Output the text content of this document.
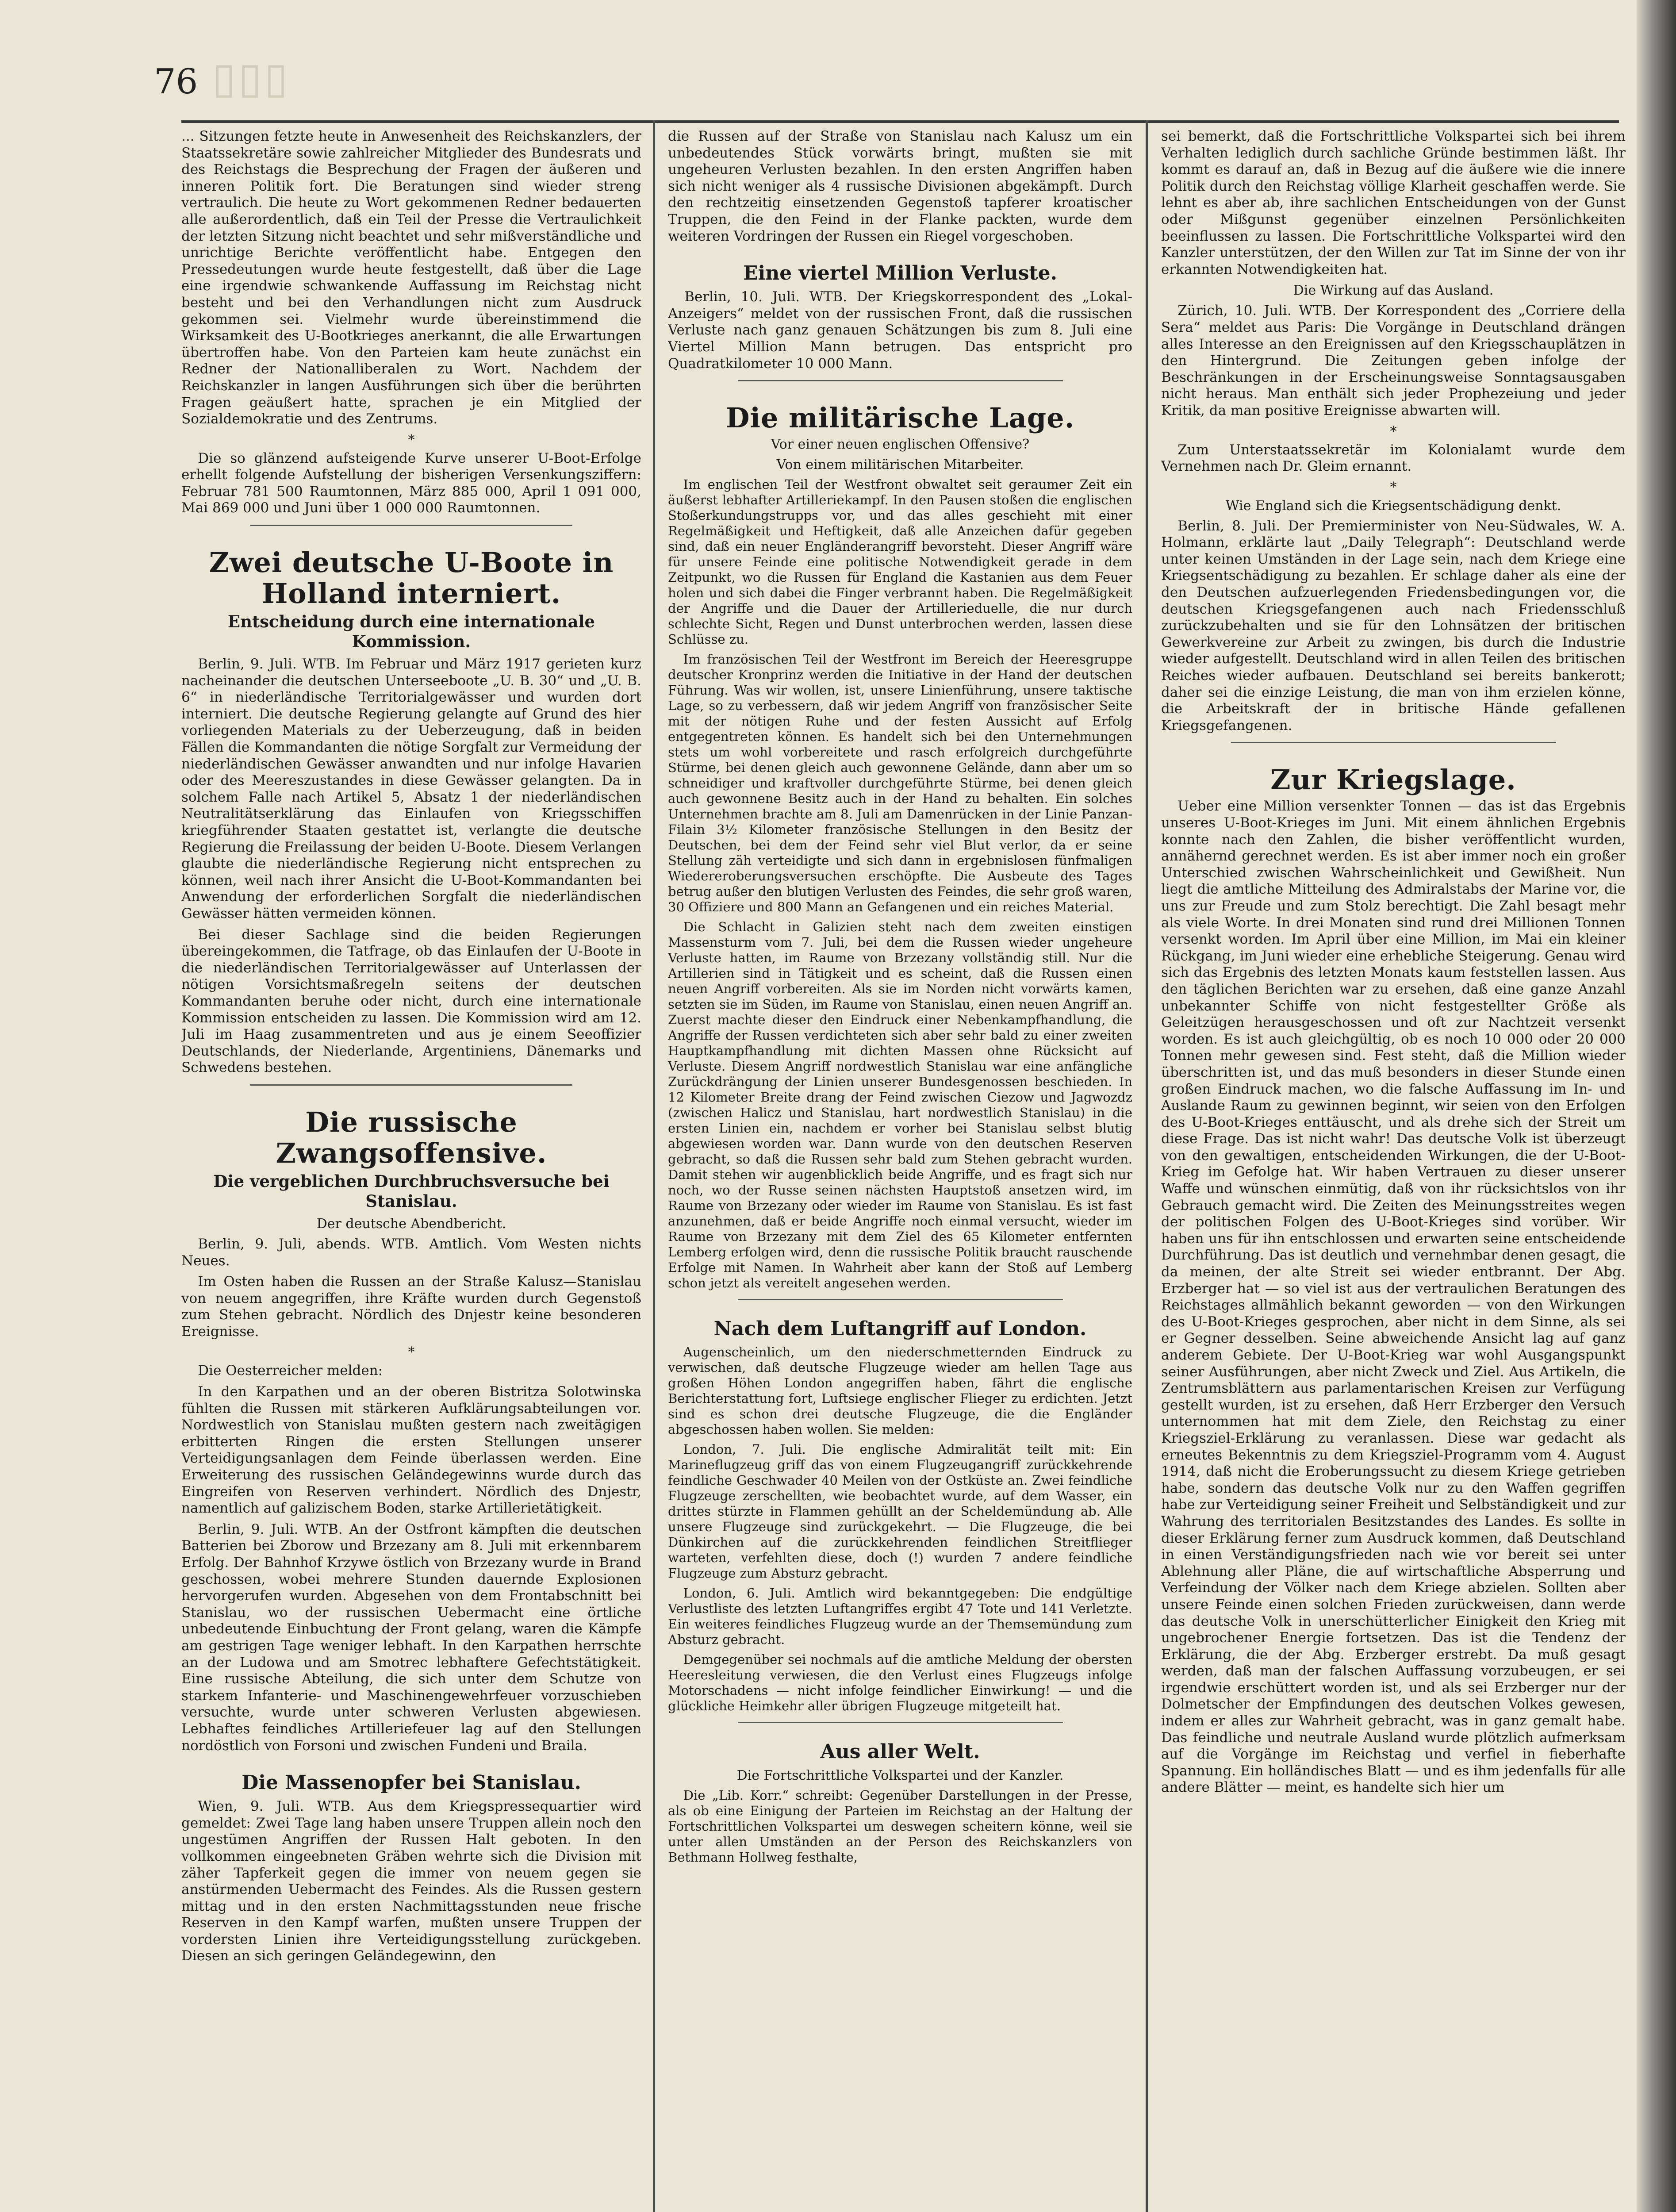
▯▯▯
76

... Sitzungen fetzte heute in Anwesenheit des Reichskanzlers, der Staatssekretäre sowie zahlreicher Mitglieder des Bundesrats und des Reichstags die Besprechung der Fragen der äußeren und inneren Politik fort. Die Beratungen sind wieder streng vertraulich. Die heute zu Wort gekommenen Redner bedauerten alle außerordentlich, daß ein Teil der Presse die Vertraulichkeit der letzten Sitzung nicht beachtet und sehr mißverständliche und unrichtige Berichte veröffentlicht habe. Entgegen den Pressedeutungen wurde heute festgestellt, daß über die Lage eine irgendwie schwankende Auffassung im Reichstag nicht besteht und bei den Verhandlungen nicht zum Ausdruck gekommen sei. Vielmehr wurde übereinstimmend die Wirksamkeit des U-Bootkrieges anerkannt, die alle Erwartungen übertroffen habe. Von den Parteien kam heute zunächst ein Redner der Nationalliberalen zu Wort. Nachdem der Reichskanzler in langen Ausführungen sich über die berührten Fragen geäußert hatte, sprachen je ein Mitglied der Sozialdemokratie und des Zentrums.

*

Die so glänzend aufsteigende Kurve unserer U-Boot-Erfolge erhellt folgende Aufstellung der bisherigen Versenkungsziffern: Februar 781 500 Raumtonnen, März 885 000, April 1 091 000, Mai 869 000 und Juni über 1 000 000 Raumtonnen.

Zwei deutsche U-Boote in Holland interniert.
Entscheidung durch eine internationale Kommission.

Berlin, 9. Juli. WTB. Im Februar und März 1917 gerieten kurz nacheinander die deutschen Unterseeboote „U. B. 30“ und „U. B. 6“ in niederländische Territorialgewässer und wurden dort interniert. Die deutsche Regierung gelangte auf Grund des hier vorliegenden Materials zu der Ueberzeugung, daß in beiden Fällen die Kommandanten die nötige Sorgfalt zur Vermeidung der niederländischen Gewässer anwandten und nur infolge Havarien oder des Meereszustandes in diese Gewässer gelangten. Da in solchem Falle nach Artikel 5, Absatz 1 der niederländischen Neutralitätserklärung das Einlaufen von Kriegsschiffen kriegführender Staaten gestattet ist, verlangte die deutsche Regierung die Freilassung der beiden U-Boote. Diesem Verlangen glaubte die niederländische Regierung nicht entsprechen zu können, weil nach ihrer Ansicht die U-Boot-Kommandanten bei Anwendung der erforderlichen Sorgfalt die niederländischen Gewässer hätten vermeiden können.

Bei dieser Sachlage sind die beiden Regierungen übereingekommen, die Tatfrage, ob das Einlaufen der U-Boote in die niederländischen Territorialgewässer auf Unterlassen der nötigen Vorsichtsmaßregeln seitens der deutschen Kommandanten beruhe oder nicht, durch eine internationale Kommission entscheiden zu lassen. Die Kommission wird am 12. Juli im Haag zusammentreten und aus je einem Seeoffizier Deutschlands, der Niederlande, Argentiniens, Dänemarks und Schwedens bestehen.

Die russische Zwangsoffensive.
Die vergeblichen Durchbruchsversuche bei Stanislau.
Der deutsche Abendbericht.

Berlin, 9. Juli, abends. WTB. Amtlich. Vom Westen nichts Neues.

Im Osten haben die Russen an der Straße Kalusz—Stanislau von neuem angegriffen, ihre Kräfte wurden durch Gegenstoß zum Stehen gebracht. Nördlich des Dnjestr keine besonderen Ereignisse.

*

Die Oesterreicher melden:

In den Karpathen und an der oberen Bistritza Solotwinska fühlten die Russen mit stärkeren Aufklärungsabteilungen vor. Nordwestlich von Stanislau mußten gestern nach zweitägigen erbitterten Ringen die ersten Stellungen unserer Verteidigungsanlagen dem Feinde überlassen werden. Eine Erweiterung des russischen Geländegewinns wurde durch das Eingreifen von Reserven verhindert. Nördlich des Dnjestr, namentlich auf galizischem Boden, starke Artillerietätigkeit.

Berlin, 9. Juli. WTB. An der Ostfront kämpften die deutschen Batterien bei Zborow und Brzezany am 8. Juli mit erkennbarem Erfolg. Der Bahnhof Krzywe östlich von Brzezany wurde in Brand geschossen, wobei mehrere Stunden dauernde Explosionen hervorgerufen wurden. Abgesehen von dem Frontabschnitt bei Stanislau, wo der russischen Uebermacht eine örtliche unbedeutende Einbuchtung der Front gelang, waren die Kämpfe am gestrigen Tage weniger lebhaft. In den Karpathen herrschte an der Ludowa und am Smotrec lebhaftere Gefechtstätigkeit. Eine russische Abteilung, die sich unter dem Schutze von starkem Infanterie- und Maschinengewehrfeuer vorzuschieben versuchte, wurde unter schweren Verlusten abgewiesen. Lebhaftes feindliches Artilleriefeuer lag auf den Stellungen nordöstlich von Forsoni und zwischen Fundeni und Braila.

Die Massenopfer bei Stanislau.

Wien, 9. Juli. WTB. Aus dem Kriegspressequartier wird gemeldet: Zwei Tage lang haben unsere Truppen allein noch den ungestümen Angriffen der Russen Halt geboten. In den vollkommen eingeebneten Gräben wehrte sich die Division mit zäher Tapferkeit gegen die immer von neuem gegen sie anstürmenden Uebermacht des Feindes. Als die Russen gestern mittag und in den ersten Nachmittagsstunden neue frische Reserven in den Kampf warfen, mußten unsere Truppen der vordersten Linien ihre Verteidigungsstellung zurückgeben. Diesen an sich geringen Geländegewinn, den

die Russen auf der Straße von Stanislau nach Kalusz um ein unbedeutendes Stück vorwärts bringt, mußten sie mit ungeheuren Verlusten bezahlen. In den ersten Angriffen haben sich nicht weniger als 4 russische Divisionen abgekämpft. Durch den rechtzeitig einsetzenden Gegenstoß tapferer kroatischer Truppen, die den Feind in der Flanke packten, wurde dem weiteren Vordringen der Russen ein Riegel vorgeschoben.

Eine viertel Million Verluste.

Berlin, 10. Juli. WTB. Der Kriegskorrespondent des „Lokal-Anzeigers“ meldet von der russischen Front, daß die russischen Verluste nach ganz genauen Schätzungen bis zum 8. Juli eine Viertel Million Mann betrugen. Das entspricht pro Quadratkilometer 10 000 Mann.

Die militärische Lage.
Vor einer neuen englischen Offensive?
Von einem militärischen Mitarbeiter.

Im englischen Teil der Westfront obwaltet seit geraumer Zeit ein äußerst lebhafter Artilleriekampf. In den Pausen stoßen die englischen Stoßerkundungstrupps vor, und das alles geschieht mit einer Regelmäßigkeit und Heftigkeit, daß alle Anzeichen dafür gegeben sind, daß ein neuer Engländerangriff bevorsteht. Dieser Angriff wäre für unsere Feinde eine politische Notwendigkeit gerade in dem Zeitpunkt, wo die Russen für England die Kastanien aus dem Feuer holen und sich dabei die Finger verbrannt haben. Die Regelmäßigkeit der Angriffe und die Dauer der Artillerieduelle, die nur durch schlechte Sicht, Regen und Dunst unterbrochen werden, lassen diese Schlüsse zu.

Im französischen Teil der Westfront im Bereich der Heeresgruppe deutscher Kronprinz werden die Initiative in der Hand der deutschen Führung. Was wir wollen, ist, unsere Linienführung, unsere taktische Lage, so zu verbessern, daß wir jedem Angriff von französischer Seite mit der nötigen Ruhe und der festen Aussicht auf Erfolg entgegentreten können. Es handelt sich bei den Unternehmungen stets um wohl vorbereitete und rasch erfolgreich durchgeführte Stürme, bei denen gleich auch gewonnene Gelände, dann aber um so schneidiger und kraftvoller durchgeführte Stürme, bei denen gleich auch gewonnene Besitz auch in der Hand zu behalten. Ein solches Unternehmen brachte am 8. Juli am Damenrücken in der Linie Panzan-Filain 3½ Kilometer französische Stellungen in den Besitz der Deutschen, bei dem der Feind sehr viel Blut verlor, da er seine Stellung zäh verteidigte und sich dann in ergebnislosen fünfmaligen Wiedereroberungsversuchen erschöpfte. Die Ausbeute des Tages betrug außer den blutigen Verlusten des Feindes, die sehr groß waren, 30 Offiziere und 800 Mann an Gefangenen und ein reiches Material.

Die Schlacht in Galizien steht nach dem zweiten einstigen Massensturm vom 7. Juli, bei dem die Russen wieder ungeheure Verluste hatten, im Raume von Brzezany vollständig still. Nur die Artillerien sind in Tätigkeit und es scheint, daß die Russen einen neuen Angriff vorbereiten. Als sie im Norden nicht vorwärts kamen, setzten sie im Süden, im Raume von Stanislau, einen neuen Angriff an. Zuerst machte dieser den Eindruck einer Nebenkampfhandlung, die Angriffe der Russen verdichteten sich aber sehr bald zu einer zweiten Hauptkampfhandlung mit dichten Massen ohne Rücksicht auf Verluste. Diesem Angriff nordwestlich Stanislau war eine anfängliche Zurückdrängung der Linien unserer Bundesgenossen beschieden. In 12 Kilometer Breite drang der Feind zwischen Ciezow und Jagwozdz (zwischen Halicz und Stanislau, hart nordwestlich Stanislau) in die ersten Linien ein, nachdem er vorher bei Stanislau selbst blutig abgewiesen worden war. Dann wurde von den deutschen Reserven gebracht, so daß die Russen sehr bald zum Stehen gebracht wurden. Damit stehen wir augenblicklich beide Angriffe, und es fragt sich nur noch, wo der Russe seinen nächsten Hauptstoß ansetzen wird, im Raume von Brzezany oder wieder im Raume von Stanislau. Es ist fast anzunehmen, daß er beide Angriffe noch einmal versucht, wieder im Raume von Brzezany mit dem Ziel des 65 Kilometer entfernten Lemberg erfolgen wird, denn die russische Politik braucht rauschende Erfolge mit Namen. In Wahrheit aber kann der Stoß auf Lemberg schon jetzt als vereitelt angesehen werden.

Nach dem Luftangriff auf London.

Augenscheinlich, um den niederschmetternden Eindruck zu verwischen, daß deutsche Flugzeuge wieder am hellen Tage aus großen Höhen London angegriffen haben, fährt die englische Berichterstattung fort, Luftsiege englischer Flieger zu erdichten. Jetzt sind es schon drei deutsche Flugzeuge, die die Engländer abgeschossen haben wollen. Sie melden:

London, 7. Juli. Die englische Admiralität teilt mit: Ein Marineflugzeug griff das von einem Flugzeugangriff zurückkehrende feindliche Geschwader 40 Meilen von der Ostküste an. Zwei feindliche Flugzeuge zerschellten, wie beobachtet wurde, auf dem Wasser, ein drittes stürzte in Flammen gehüllt an der Scheldemündung ab. Alle unsere Flugzeuge sind zurückgekehrt. — Die Flugzeuge, die bei Dünkirchen auf die zurückkehrenden feindlichen Streitflieger warteten, verfehlten diese, doch (!) wurden 7 andere feindliche Flugzeuge zum Absturz gebracht.

London, 6. Juli. Amtlich wird bekanntgegeben: Die endgültige Verlustliste des letzten Luftangriffes ergibt 47 Tote und 141 Verletzte. Ein weiteres feindliches Flugzeug wurde an der Themsemündung zum Absturz gebracht.

Demgegenüber sei nochmals auf die amtliche Meldung der obersten Heeresleitung verwiesen, die den Verlust eines Flugzeugs infolge Motorschadens — nicht infolge feindlicher Einwirkung! — und die glückliche Heimkehr aller übrigen Flugzeuge mitgeteilt hat.

Aus aller Welt.
Die Fortschrittliche Volkspartei und der Kanzler.

Die „Lib. Korr.“ schreibt: Gegenüber Darstellungen in der Presse, als ob eine Einigung der Parteien im Reichstag an der Haltung der Fortschrittlichen Volkspartei um deswegen scheitern könne, weil sie unter allen Umständen an der Person des Reichskanzlers von Bethmann Hollweg festhalte,

sei bemerkt, daß die Fortschrittliche Volkspartei sich bei ihrem Verhalten lediglich durch sachliche Gründe bestimmen läßt. Ihr kommt es darauf an, daß in Bezug auf die äußere wie die innere Politik durch den Reichstag völlige Klarheit geschaffen werde. Sie lehnt es aber ab, ihre sachlichen Entscheidungen von der Gunst oder Mißgunst gegenüber einzelnen Persönlichkeiten beeinflussen zu lassen. Die Fortschrittliche Volkspartei wird den Kanzler unterstützen, der den Willen zur Tat im Sinne der von ihr erkannten Notwendigkeiten hat.

Die Wirkung auf das Ausland.

Zürich, 10. Juli. WTB. Der Korrespondent des „Corriere della Sera“ meldet aus Paris: Die Vorgänge in Deutschland drängen alles Interesse an den Ereignissen auf den Kriegsschauplätzen in den Hintergrund. Die Zeitungen geben infolge der Beschränkungen in der Erscheinungsweise Sonntagsausgaben nicht heraus. Man enthält sich jeder Prophezeiung und jeder Kritik, da man positive Ereignisse abwarten will.

*

Zum Unterstaatssekretär im Kolonialamt wurde dem Vernehmen nach Dr. Gleim ernannt.

*
Wie England sich die Kriegsentschädigung denkt.

Berlin, 8. Juli. Der Premierminister von Neu-Südwales, W. A. Holmann, erklärte laut „Daily Telegraph“: Deutschland werde unter keinen Umständen in der Lage sein, nach dem Kriege eine Kriegsentschädigung zu bezahlen. Er schlage daher als eine der den Deutschen aufzuerlegenden Friedensbedingungen vor, die deutschen Kriegsgefangenen auch nach Friedensschluß zurückzubehalten und sie für den Lohnsätzen der britischen Gewerkvereine zur Arbeit zu zwingen, bis durch die Industrie wieder aufgestellt. Deutschland wird in allen Teilen des britischen Reiches wieder aufbauen. Deutschland sei bereits bankerott; daher sei die einzige Leistung, die man von ihm erzielen könne, die Arbeitskraft der in britische Hände gefallenen Kriegsgefangenen.

Zur Kriegslage.

Ueber eine Million versenkter Tonnen — das ist das Ergebnis unseres U-Boot-Krieges im Juni. Mit einem ähnlichen Ergebnis konnte nach den Zahlen, die bisher veröffentlicht wurden, annähernd gerechnet werden. Es ist aber immer noch ein großer Unterschied zwischen Wahrscheinlichkeit und Gewißheit. Nun liegt die amtliche Mitteilung des Admiralstabs der Marine vor, die uns zur Freude und zum Stolz berechtigt. Die Zahl besagt mehr als viele Worte. In drei Monaten sind rund drei Millionen Tonnen versenkt worden. Im April über eine Million, im Mai ein kleiner Rückgang, im Juni wieder eine erhebliche Steigerung. Genau wird sich das Ergebnis des letzten Monats kaum feststellen lassen. Aus den täglichen Berichten war zu ersehen, daß eine ganze Anzahl unbekannter Schiffe von nicht festgestellter Größe als Geleitzügen herausgeschossen und oft zur Nachtzeit versenkt worden. Es ist auch gleichgültig, ob es noch 10 000 oder 20 000 Tonnen mehr gewesen sind. Fest steht, daß die Million wieder überschritten ist, und das muß besonders in dieser Stunde einen großen Eindruck machen, wo die falsche Auffassung im In- und Auslande Raum zu gewinnen beginnt, wir seien von den Erfolgen des U-Boot-Krieges enttäuscht, und als drehe sich der Streit um diese Frage. Das ist nicht wahr! Das deutsche Volk ist überzeugt von den gewaltigen, entscheidenden Wirkungen, die der U-Boot-Krieg im Gefolge hat. Wir haben Vertrauen zu dieser unserer Waffe und wünschen einmütig, daß von ihr rücksichtslos von ihr Gebrauch gemacht wird. Die Zeiten des Meinungsstreites wegen der politischen Folgen des U-Boot-Krieges sind vorüber. Wir haben uns für ihn entschlossen und erwarten seine entscheidende Durchführung. Das ist deutlich und vernehmbar denen gesagt, die da meinen, der alte Streit sei wieder entbrannt. Der Abg. Erzberger hat — so viel ist aus der vertraulichen Beratungen des Reichstages allmählich bekannt geworden — von den Wirkungen des U-Boot-Krieges gesprochen, aber nicht in dem Sinne, als sei er Gegner desselben. Seine abweichende Ansicht lag auf ganz anderem Gebiete. Der U-Boot-Krieg war wohl Ausgangspunkt seiner Ausführungen, aber nicht Zweck und Ziel. Aus Artikeln, die Zentrumsblättern aus parlamentarischen Kreisen zur Verfügung gestellt wurden, ist zu ersehen, daß Herr Erzberger den Versuch unternommen hat mit dem Ziele, den Reichstag zu einer Kriegsziel-Erklärung zu veranlassen. Diese war gedacht als erneutes Bekenntnis zu dem Kriegsziel-Programm vom 4. August 1914, daß nicht die Eroberungssucht zu diesem Kriege getrieben habe, sondern das deutsche Volk nur zu den Waffen gegriffen habe zur Verteidigung seiner Freiheit und Selbständigkeit und zur Wahrung des territorialen Besitzstandes des Landes. Es sollte in dieser Erklärung ferner zum Ausdruck kommen, daß Deutschland in einen Verständigungsfrieden nach wie vor bereit sei unter Ablehnung aller Pläne, die auf wirtschaftliche Absperrung und Verfeindung der Völker nach dem Kriege abzielen. Sollten aber unsere Feinde einen solchen Frieden zurückweisen, dann werde das deutsche Volk in unerschütterlicher Einigkeit den Krieg mit ungebrochener Energie fortsetzen. Das ist die Tendenz der Erklärung, die der Abg. Erzberger erstrebt. Da muß gesagt werden, daß man der falschen Auffassung vorzubeugen, er sei irgendwie erschüttert worden ist, und als sei Erzberger nur der Dolmetscher der Empfindungen des deutschen Volkes gewesen, indem er alles zur Wahrheit gebracht, was in ganz gemalt habe. Das feindliche und neutrale Ausland wurde plötzlich aufmerksam auf die Vorgänge im Reichstag und verfiel in fieberhafte Spannung. Ein holländisches Blatt — und es ihm jedenfalls für alle andere Blätter — meint, es handelte sich hier um
